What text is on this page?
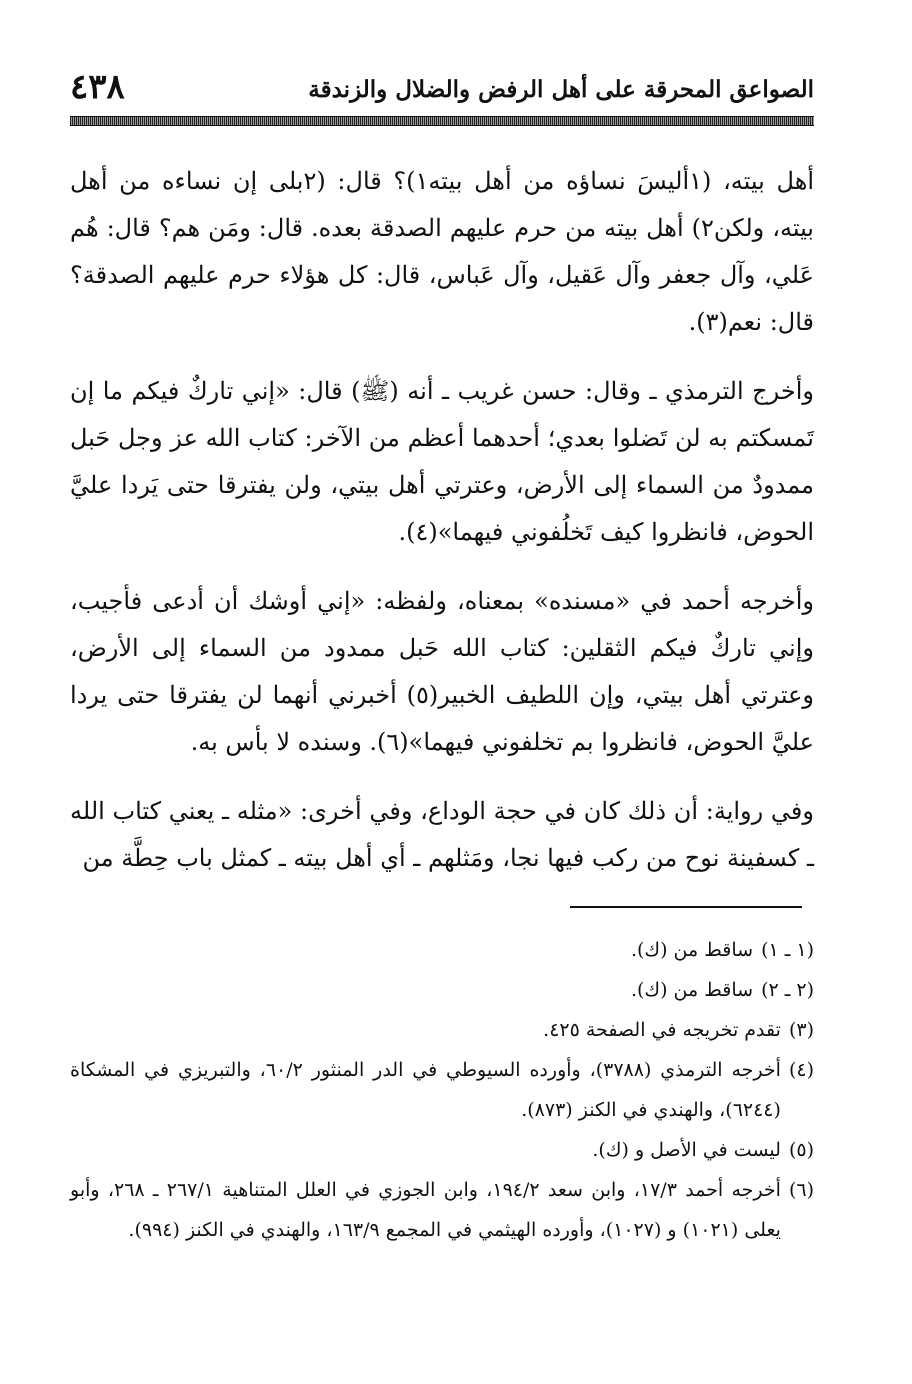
الصواعق المحرقة على أهل الرفض والضلال والزندقة
٤٣٨

أهل بيته، (١أليسَ نساؤه من أهل بيته١)؟ قال: (٢بلى إن نساءه من أهل بيته، ولكن٢) أهل بيته من حرم عليهم الصدقة بعده. قال: ومَن هم؟ قال: هُم عَلي، وآل جعفر وآل عَقيل، وآل عَباس، قال: كل هؤلاء حرم عليهم الصدقة؟ قال: نعم(٣).

وأخرج الترمذي ـ وقال: حسن غريب ـ أنه (ﷺ) قال: «إني تاركٌ فيكم ما إن تَمسكتم به لن تَضلوا بعدي؛ أحدهما أعظم من الآخر: كتاب الله عز وجل حَبل ممدودٌ من السماء إلى الأرض، وعترتي أهل بيتي، ولن يفترقا حتى يَردا عليَّ الحوض، فانظروا كيف تَخلُفوني فيهما»(٤).

وأخرجه أحمد في «مسنده» بمعناه، ولفظه: «إني أوشك أن أدعى فأجيب، وإني تاركٌ فيكم الثقلين: كتاب الله حَبل ممدود من السماء إلى الأرض، وعترتي أهل بيتي، وإن اللطيف الخبير(٥) أخبرني أنهما لن يفترقا حتى يردا عليَّ الحوض، فانظروا بم تخلفوني فيهما»(٦). وسنده لا بأس به.

وفي رواية: أن ذلك كان في حجة الوداع، وفي أخرى: «مثله ـ يعني كتاب الله ـ كسفينة نوح من ركب فيها نجا، ومَثلهم ـ أي أهل بيته ـ كمثل باب حِطَّة من

(١ ـ ١)
ساقط من (ك).
(٢ ـ ٢)
ساقط من (ك).
(٣)
تقدم تخريجه في الصفحة ٤٢٥.
(٤)
أخرجه الترمذي (٣٧٨٨)، وأورده السيوطي في الدر المنثور ٦٠/٢، والتبريزي في المشكاة (٦٢٤٤)، والهندي في الكنز (٨٧٣).
(٥)
ليست في الأصل و (ك).
(٦)
أخرجه أحمد ١٧/٣، وابن سعد ١٩٤/٢، وابن الجوزي في العلل المتناهية ٢٦٧/١ ـ ٢٦٨، وأبو يعلى (١٠٢١) و (١٠٢٧)، وأورده الهيثمي في المجمع ١٦٣/٩، والهندي في الكنز (٩٩٤).
